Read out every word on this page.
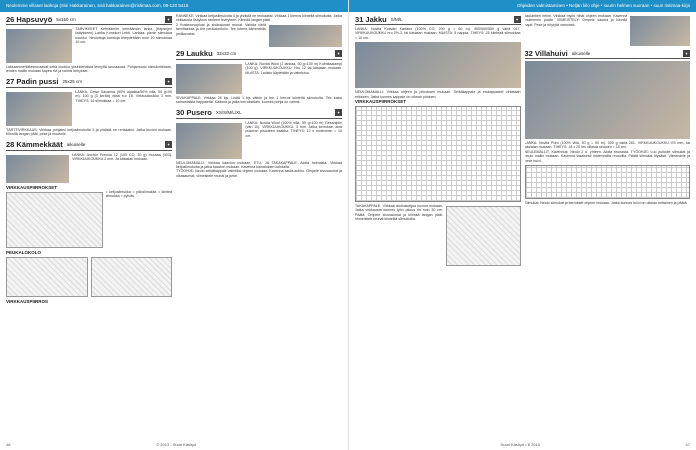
Neulemme villaset lankoja (Sisi Hakkarainen, sisli.hakkarainen@ristimaa.com, 09-120 5416
26 Hapsuvyö 5x150 cm	✦

TARVIKKEET Kehräämön kehräämön lanka (Hapsujen lisäykseen) Lanka Konekori Lehti. Lankaa: pienin silmukka koukku. Neulottuja kanttoja tiheydeltään noin 10 silmukkaa 10 cm.

Lakkaanmerkitteseuraavat sekä koukku yksinkertaista leveyttä seuraavaa. Pohjamuoto silmukoitetaan, lehden mallin mukaan kapea rivi ja valmis kehykset.

27 Padin pussi 25x25 cm	✦

LANKA: Cewe Savanna (50% alpakka/50% villa, 50 g=90 m). 100 g (3 kerää) väriä n:o 18. Virkkuukoukku 3 mm. TIHEYS: 16 silmukkaa = 10 cm.

TÄRTTIVIRKKAUS: Virkkaa pohjaksi ketjusilmukoita 3 ja yhdistä ne renkaaksi. Jatka kuvion mukaan. Kiinnitä langan päät, pese ja muotoile.

28 Kämmekkäät aikuiselle	✦

LANKA: Anchor Freccia 12 (100 CO, 30 g) muutaa (403). VIRKKUUKOUKKU 2 mm. Ja käsialan mukaan.

VIRKKAUSPIIRROKSET

= ketjusilmukka = piilosilmukka = kiinteä silmukka = pylväs

PEUKALOKOLO
VIRKKAUSPIIRROS

RANNEKE: Virkkaa ketjusilmukoita 4 ja yhdistä ne renkaaksi. Virkkaa 1 kierros kiinteitä silmukoita. Jatka virkkausta lisäyksin ranteen leveyteen. Kiinnitä langan päät.

2 Kosteonsopivat ja sisäsaumat reunat. Vaihda väriä tarvittaessa ja tee peukalonkolo. Tee toinen kämmekäs peilikuvaksi.

29 Laukku 32x32 cm	✦

LANKA: Novita Wool (2 lankaa, 50 g=100 m) Kolmitaalampi (100 g). VIRKKUUKOUKKU: Nro 12 tai käsialan mukaan. MUISTA: Laukku käytetään ja valmistuu.

SIVUKAPPALE: Virkkaa 28 kjs. Lisää 1 kjs välein ja tee 1 kerros kiinteitä silmukoita. Tee kaksi samanlaista kappaletta. Käännä ja jatka kerroksittain, kunnes pohja on valmis.

30 Pusero XS/S/M/L/XL	✦

LANKA: Novita Wool (100% villa, 50 g=100 m) Gesanipiiri (väri 10). VIRKKUUKOUKKU: 3 mm. Jatka kerroksin aina puseron pituuteen saakka. TIHEYS: 12 x molemmin = 10 cm.

NEULOMAMALLI: Virkkaa kaavion mukaan. ETU- JA TAKAKAPPALE: Aloita helmasta. Virkkaa ketjusilmukoita ja jatka kaavion mukaan. Kavenna kainaloiden kohdalla.

TYÖOHJE: Neulo selkäkappale valmiiksi ohjeen mukaan. Kavenna kaula-aukko. Ompele sivusaumat ja olkasaumat, viimeistele reunat ja pese.

46	© 2013 - Suuri Käsityö
Ohjeiden valmistaminen • Neljän kilo ohje • suurin helmen suoraan • suuri ristimaa-kirja
31 Jakku S/M/L	✦

LANKA: Novita Kotiväri Kartano (100% CO, 200 g = 60 m). 450/500/550 g väriä 017. VIRKKUUKOUKKU nro 2½-3, tai käsialan mukaan. MUISTA: 5 nappia. TIHEYS: 25 kiinteää silmukkaa = 10 cm.

NEULOMAMALLI: Virkkaa ohjeen ja piirroksen mukaan. Selkäkappale ja etukappaleet virkataan erikseen. Jatka kunnes kappale on oikean pituinen.

VIRKKAUSPIIRROKSET

TAKAKAPPALE: Virkkaa aloitusketjua kuvion mukaan. Jatka virkkausta kunnes työn pituus on noin 30 cm. Päätä. Ompele sivusaumat ja kiinnitä langan päät. Viimeistele reunat kiinteillä silmukoilla.

kaulantien helmi. Virkkaa myös hihat ohjeen mukaan. Kavenna molemmin puolin. VIIMEISTELY: Ompele sauma ja kiinnitä napit. Pese ja höyrytä varovasti.

32 Villahuivi aikuiselle	✦

LANKA: Novita Puro (100% villa, 50 g = 90 m). 300 g väriä 261. VIRKKUUKOUKKU 4½ mm, tai käsialan mukaan. TIHEYS: 18 x 20 krs villasta neuloen = 10 cm.

NEULEMALLIT: Kavennus: Neulo 2 o. yhteen. Aloita reunasta. TYÖOHJE: Luo puikolle silmukat ja neulo mallin mukaan. Kavenna tasaisesti molemmilla reunoilla. Päätä silmukat löysästi. Viimeistele ja pese huivi.

Silmukat: Neulo silmukat ja kerrokset ohjeen mukaan. Jatka kunnes huivi on oikean mittainen ja päätä.

Suuri Käsityö • 8 2013	47
